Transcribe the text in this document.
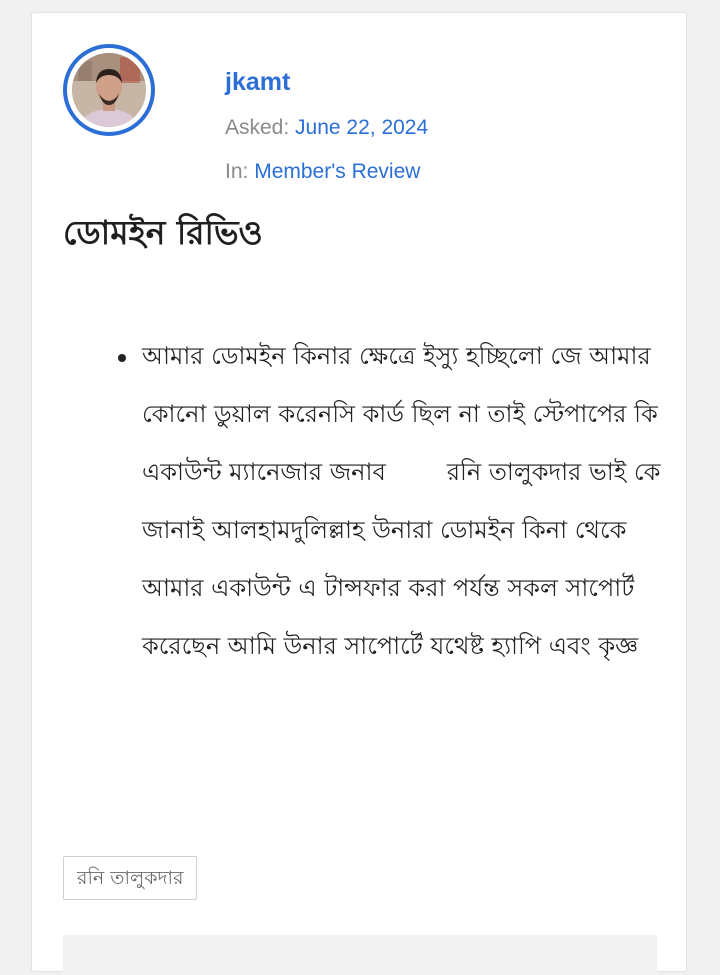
jkamt
Asked: June 22, 2024
In: Member's Review
ডোমইন রিভিও
আমার ডোমইন কিনার ক্ষেত্রে ইস্যু হচ্ছিলো জে আমার কোনো ডুয়াল করেনসি কার্ড ছিল না তাই স্টেপাপের কি একাউন্ট ম্যানেজার জনাব        রনি তালুকদার ভাই কে জানাই আলহামদুলিল্লাহ উনারা ডোমইন কিনা থেকে আমার একাউন্ট এ টান্সফার করা পর্যন্ত সকল সাপোর্ট করেছেন আমি উনার সাপোর্টে যথেষ্ট হ্যাপি এবং কৃজ্ঞ
রনি তালুকদার
